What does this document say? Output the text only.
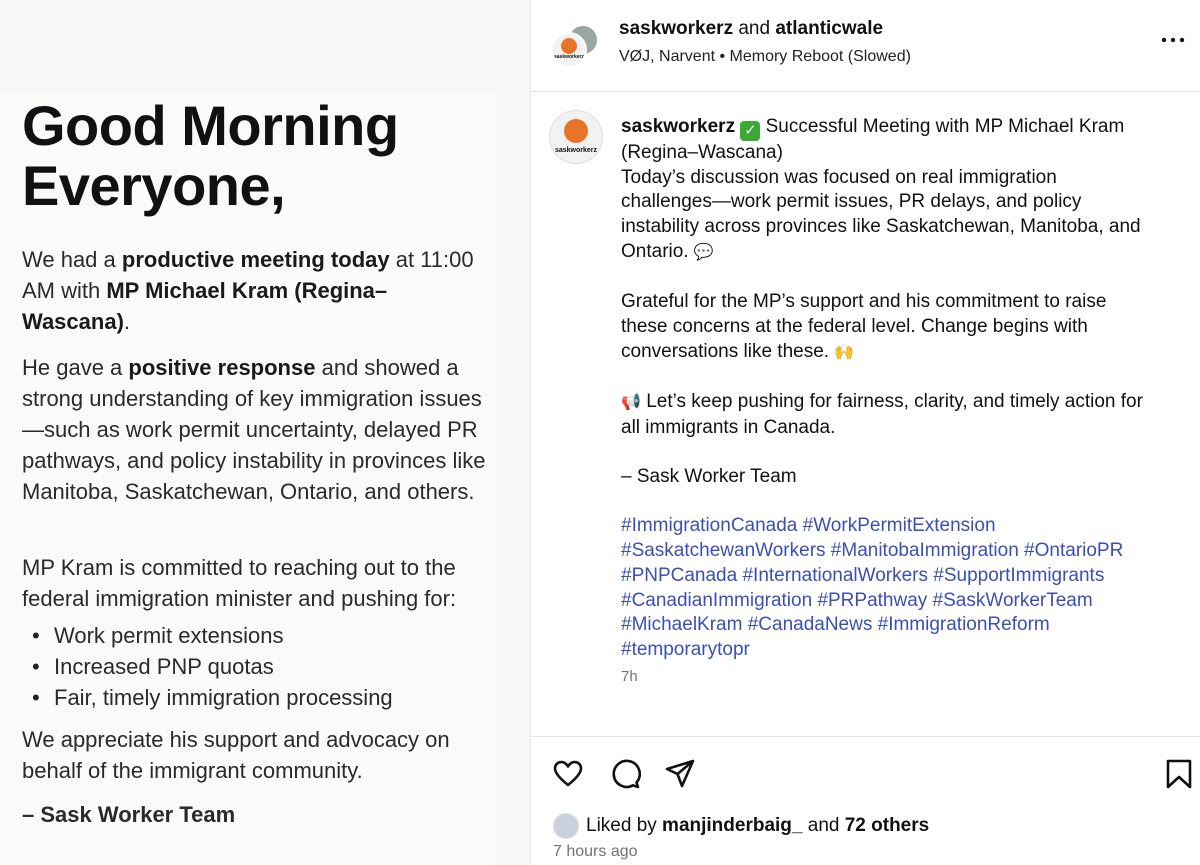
Good Morning
Everyone,
We had a productive meeting today at 11:00 AM with MP Michael Kram (Regina–Wascana).
He gave a positive response and showed a strong understanding of key immigration issues—such as work permit uncertainty, delayed PR pathways, and policy instability in provinces like Manitoba, Saskatchewan, Ontario, and others.
MP Kram is committed to reaching out to the federal immigration minister and pushing for:
• Work permit extensions
• Increased PNP quotas
• Fair, timely immigration processing
We appreciate his support and advocacy on behalf of the immigrant community.
– Sask Worker Team
saskworkerz
saskworkerz and atlanticwale
VØJ, Narvent • Memory Reboot (Slowed)
saskworkerz
saskworkerz ✓ Successful Meeting with MP Michael Kram
(Regina–Wascana)
Today’s discussion was focused on real immigration
challenges—work permit issues, PR delays, and policy
instability across provinces like Saskatchewan, Manitoba, and
Ontario. 💬
Grateful for the MP’s support and his commitment to raise
these concerns at the federal level. Change begins with
conversations like these. 🙌
📢 Let’s keep pushing for fairness, clarity, and timely action for
all immigrants in Canada.
– Sask Worker Team
#ImmigrationCanada #WorkPermitExtension
#SaskatchewanWorkers #ManitobaImmigration #OntarioPR
#PNPCanada #InternationalWorkers #SupportImmigrants
#CanadianImmigration #PRPathway #SaskWorkerTeam
#MichaelKram #CanadaNews #ImmigrationReform
#temporarytopr
7h
Liked by manjinderbaig_ and 72 others
7 hours ago
